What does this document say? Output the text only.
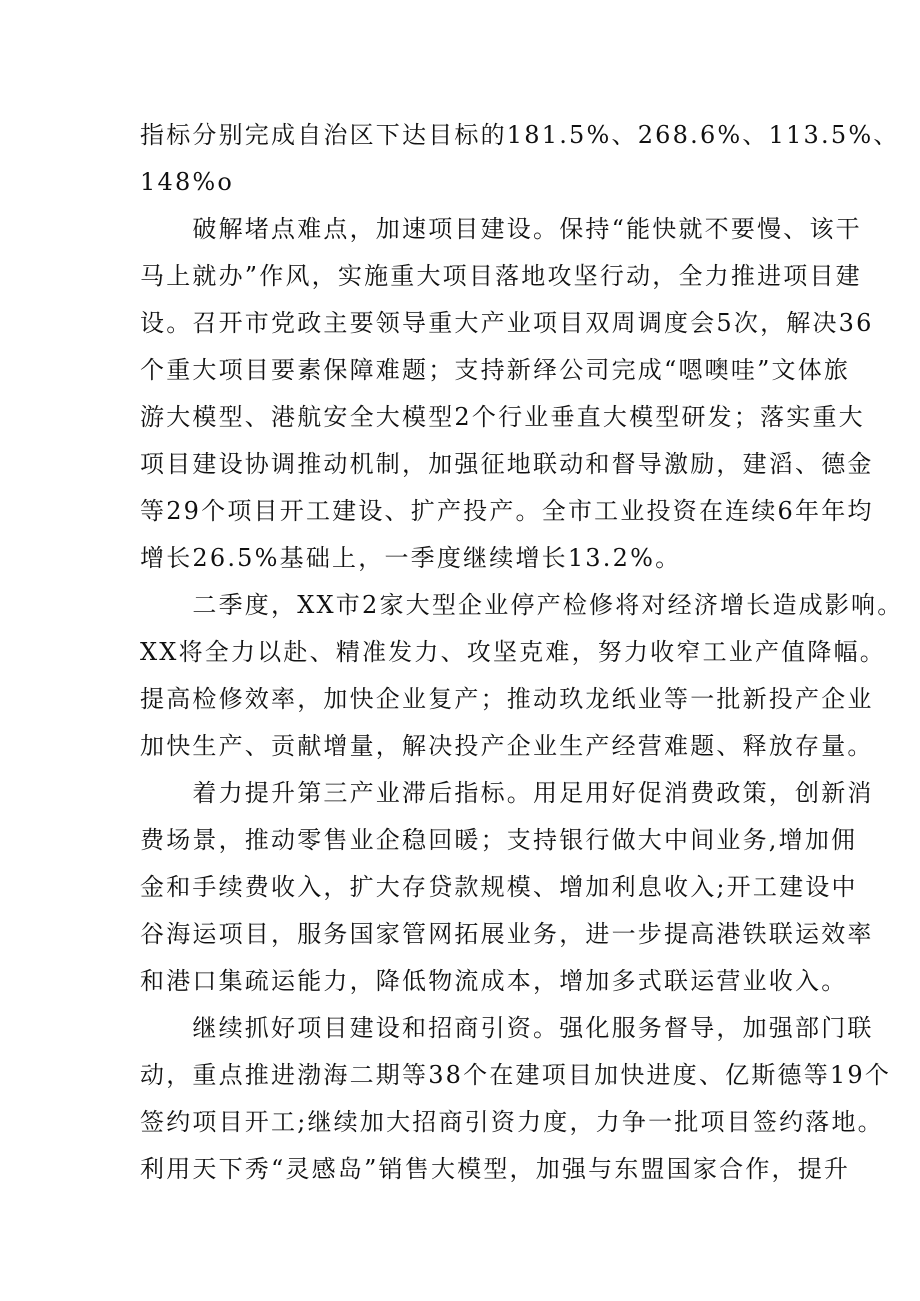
指标分别完成自治区下达目标的181.5%、268.6%、113.5%、
148%o
　　破解堵点难点，加速项目建设。保持“能快就不要慢、该干
马上就办”作风，实施重大项目落地攻坚行动，全力推进项目建
设。召开市党政主要领导重大产业项目双周调度会5次，解决36
个重大项目要素保障难题；支持新绎公司完成“嗯噢哇”文体旅
游大模型、港航安全大模型2个行业垂直大模型研发；落实重大
项目建设协调推动机制，加强征地联动和督导激励，建滔、德金
等29个项目开工建设、扩产投产。全市工业投资在连续6年年均
增长26.5%基础上，一季度继续增长13.2%。
　　二季度，XX市2家大型企业停产检修将对经济增长造成影响。
XX将全力以赴、精准发力、攻坚克难，努力收窄工业产值降幅。
提高检修效率，加快企业复产；推动玖龙纸业等一批新投产企业
加快生产、贡献增量，解决投产企业生产经营难题、释放存量。
　　着力提升第三产业滞后指标。用足用好促消费政策，创新消
费场景，推动零售业企稳回暖；支持银行做大中间业务,增加佣
金和手续费收入，扩大存贷款规模、增加利息收入;开工建设中
谷海运项目，服务国家管网拓展业务，进一步提高港铁联运效率
和港口集疏运能力，降低物流成本，增加多式联运营业收入。
　　继续抓好项目建设和招商引资。强化服务督导，加强部门联
动，重点推进渤海二期等38个在建项目加快进度、亿斯德等19个
签约项目开工;继续加大招商引资力度，力争一批项目签约落地。
利用天下秀“灵感岛”销售大模型，加强与东盟国家合作，提升
